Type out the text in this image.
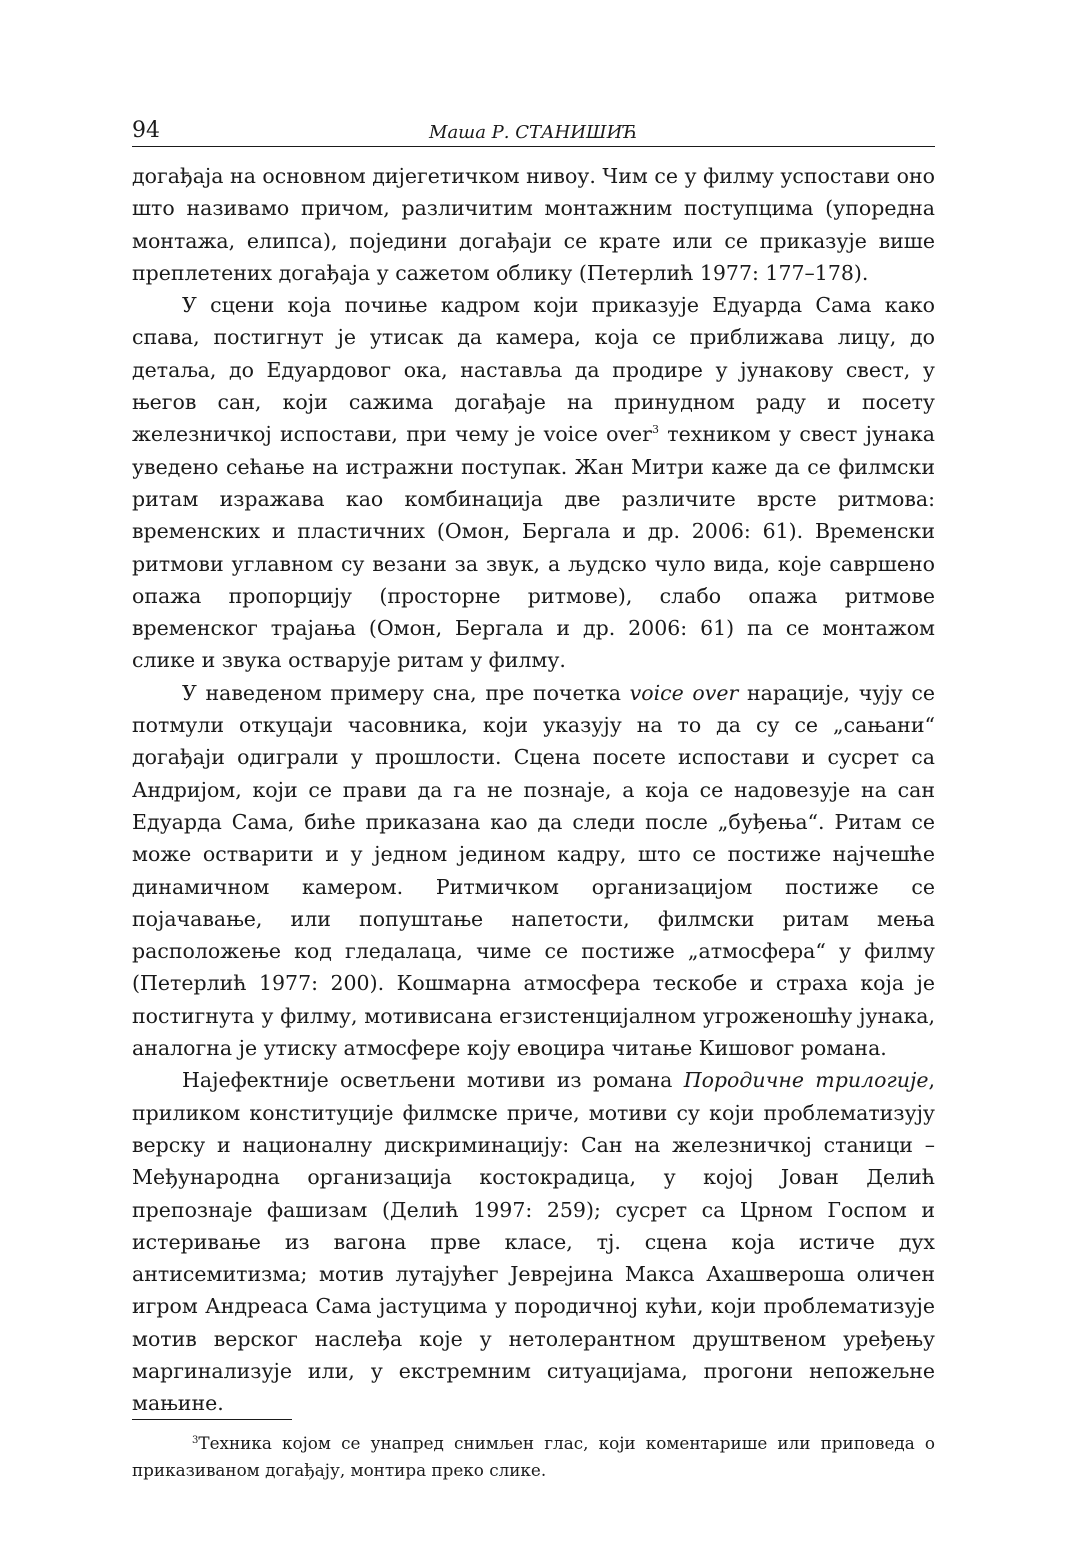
94	Маша Р. СТАНИШИЋ

догађаја на основном дијегетичком нивоу. Чим се у филму успостави оно што називамо причом, различитим монтажним поступцима (упоредна монтажа, елипса), поједини догађаји се крате или се приказује више преплетених догађаја у сажетом облику (Петерлић 1977: 177–178).

У сцени која почиње кадром који приказује Едуарда Сама како спава, постигнут је утисак да камера, која се приближава лицу, до детаља, до Едуардовог ока, наставља да продире у јунакову свест, у његов сан, који сажима догађаје на принудном раду и посету железничкој испостави, при чему је voice over$^3$ техником у свест јунака уведено сећање на истражни поступак. Жан Митри каже да се филмски ритам изражава као комбинација две различите врсте ритмова: временских и пластичних (Омон, Бергала и др. 2006: 61). Временски ритмови углавном су везани за звук, а људско чуло вида, које савршено опажа пропорцију (просторне ритмове), слабо опажа ритмове временског трајања (Омон, Бергала и др. 2006: 61) па се монтажом слике и звука остварује ритам у филму.

У наведеном примеру сна, пре почетка voice over нарације, чују се потмули откуцаји часовника, који указују на то да су се „сањани“ догађаји одиграли у прошлости. Сцена посете испостави и сусрет са Андријом, који се прави да га не познаје, а која се надовезује на сан Едуарда Сама, биће приказана као да следи после „буђења“. Ритам се може остварити и у једном једином кадру, што се постиже најчешће динамичном камером. Ритмичком организацијом постиже се појачавање, или попуштање напетости, филмски ритам мења расположење код гледалаца, чиме се постиже „атмосфера“ у филму (Петерлић 1977: 200). Кошмарна атмосфера тескобе и страха која је постигнута у филму, мотивисана егзистенцијалном угроженошћу јунака, аналогна је утиску атмосфере коју евоцира читање Кишовог романа.

Најефектније осветљени мотиви из романа Породичне трилогије, приликом конституције филмске приче, мотиви су који проблематизују верску и националну дискриминацију: Сан на железничкој станици – Међународна организација костокрадица, у којој Јован Делић препознаје фашизам (Делић 1997: 259); сусрет са Црном Госпом и истеривање из вагона прве класе, тј. сцена која истиче дух антисемитизма; мотив лутајућег Јеврејина Макса Ахашвероша оличен игром Андреаса Сама јастуцима у породичној кући, који проблематизује мотив верског наслеђа које у нетолерантном друштвеном уређењу маргинализује или, у екстремним ситуацијама, прогони непожељне мањине.

$^3$Техника којом се унапред снимљен глас, који коментарише или приповеда о приказиваном догађају, монтира преко слике.
